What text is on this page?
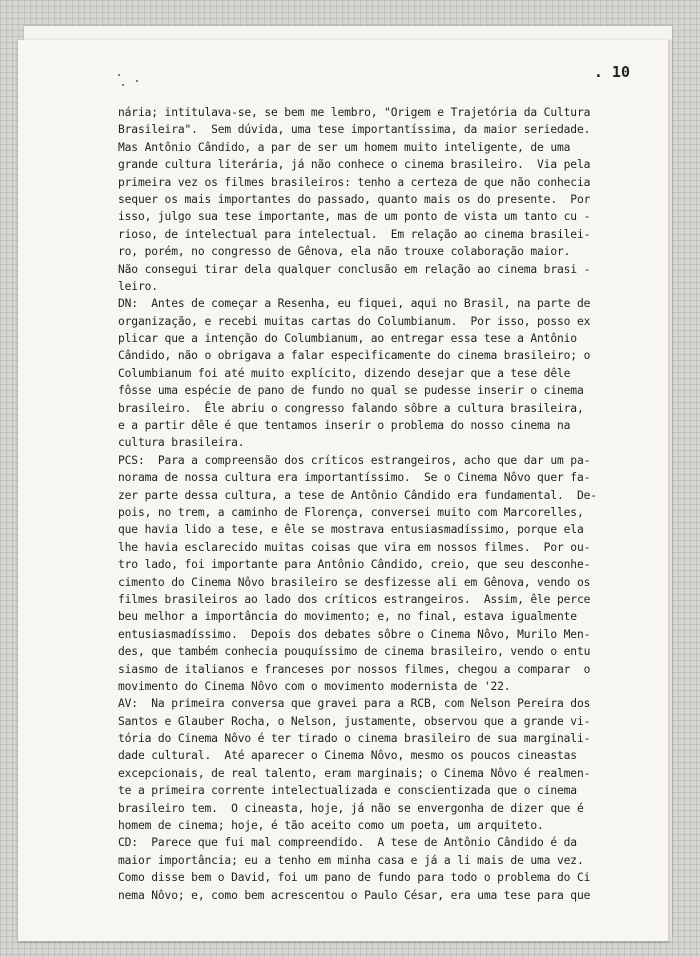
. 10
nária; intitulava-se, se bem me lembro, "Origem e Trajetória da Cultura
Brasileira".  Sem dúvida, uma tese importantíssima, da maior seriedade.
Mas Antônio Cândido, a par de ser um homem muito inteligente, de uma
grande cultura literária, já não conhece o cinema brasileiro.  Via pela
primeira vez os filmes brasileiros: tenho a certeza de que não conhecia
sequer os mais importantes do passado, quanto mais os do presente.  Por
isso, julgo sua tese importante, mas de um ponto de vista um tanto cu -
rioso, de intelectual para intelectual.  Em relação ao cinema brasilei-
ro, porém, no congresso de Gênova, ela não trouxe colaboração maior.
Não consegui tirar dela qualquer conclusão em relação ao cinema brasi -
leiro.
DN:  Antes de começar a Resenha, eu fiquei, aqui no Brasil, na parte de
organização, e recebi muitas cartas do Columbianum.  Por isso, posso ex
plicar que a intenção do Columbianum, ao entregar essa tese a Antônio
Cândido, não o obrigava a falar especìficamente do cinema brasileiro; o
Columbianum foi até muito explícito, dizendo desejar que a tese dêle
fôsse uma espécie de pano de fundo no qual se pudesse inserir o cinema
brasileiro.  Êle abriu o congresso falando sôbre a cultura brasileira,
e a partir dêle é que tentamos inserir o problema do nosso cinema na
cultura brasileira.
PCS:  Para a compreensão dos críticos estrangeiros, acho que dar um pa-
norama de nossa cultura era importantíssimo.  Se o Cinema Nôvo quer fa-
zer parte dessa cultura, a tese de Antônio Cândido era fundamental.  De-
pois, no trem, a caminho de Florença, conversei muito com Marcorelles,
que havia lido a tese, e êle se mostrava entusiasmadíssimo, porque ela
lhe havia esclarecido muitas coisas que vira em nossos filmes.  Por ou-
tro lado, foi importante para Antônio Cândido, creio, que seu desconhe-
cimento do Cinema Nôvo brasileiro se desfizesse ali em Gênova, vendo os
filmes brasileiros ao lado dos críticos estrangeiros.  Assim, êle perce
beu melhor a importância do movimento; e, no final, estava igualmente
entusiasmadíssimo.  Depois dos debates sôbre o Cinema Nôvo, Murilo Men-
des, que também conhecia pouquíssimo de cinema brasileiro, vendo o entu
siasmo de italianos e franceses por nossos filmes, chegou a comparar  o
movimento do Cinema Nôvo com o movimento modernista de '22.
AV:  Na primeira conversa que gravei para a RCB, com Nelson Pereira dos
Santos e Glauber Rocha, o Nelson, justamente, observou que a grande vi-
tória do Cinema Nôvo é ter tirado o cinema brasileiro de sua marginali-
dade cultural.  Até aparecer o Cinema Nôvo, mesmo os poucos cineastas
excepcionais, de real talento, eram marginais; o Cinema Nôvo é realmen-
te a primeira corrente intelectualizada e conscientizada que o cinema
brasileiro tem.  O cineasta, hoje, já não se envergonha de dizer que é
homem de cinema; hoje, é tão aceito como um poeta, um arquiteto.
CD:  Parece que fui mal compreendido.  A tese de Antônio Cândido é da
maior importância; eu a tenho em minha casa e já a li mais de uma vez.
Como disse bem o David, foi um pano de fundo para todo o problema do Ci
nema Nôvo; e, como bem acrescentou o Paulo César, era uma tese para que
